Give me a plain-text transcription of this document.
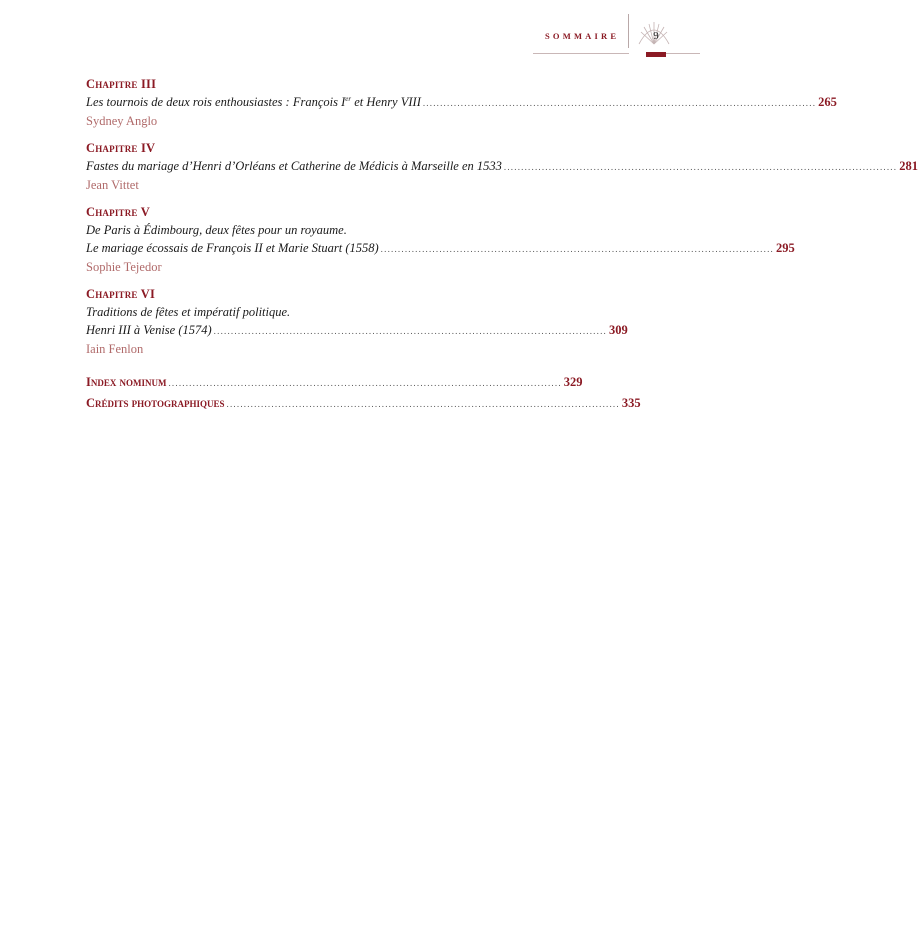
SOMMAIRE	9
Chapitre III
Les tournois de deux rois enthousiastes : François Ier et Henry VIII .................................................................................................................. 265
Sydney Anglo
Chapitre IV
Fastes du mariage d’Henri d’Orléans et Catherine de Médicis à Marseille en 1533 .................................................................................................................. 281
Jean Vittet
Chapitre V
De Paris à Édimbourg, deux fêtes pour un royaume.
Le mariage écossais de François II et Marie Stuart (1558) .................................................................................................................. 295
Sophie Tejedor
Chapitre VI
Traditions de fêtes et impératif politique.
Henri III à Venise (1574) .................................................................................................................. 309
Iain Fenlon
Index nominum .................................................................................................................. 329
Crédits photographiques .................................................................................................................. 335
